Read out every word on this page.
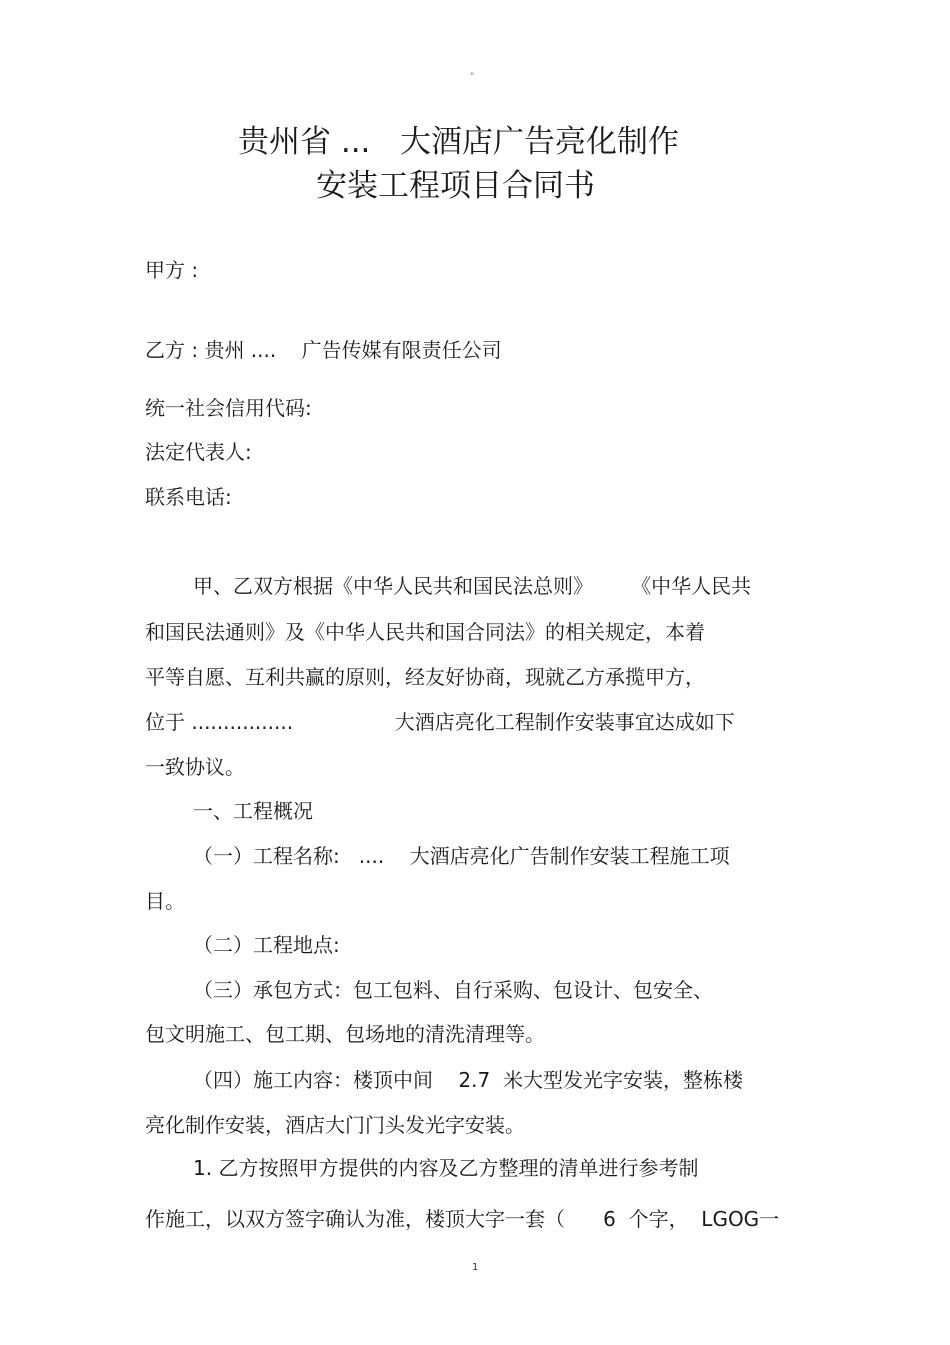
"
贵州省 ...   大酒店广告亮化制作
安装工程项目合同书
甲方 :
乙方 : 贵州 ....    广告传媒有限责任公司
统一社会信用代码:
法定代表人:
联系电话:
甲、乙双方根据《中华人民共和国民法总则》      《中华人民共
和国民法通则》及《中华人民共和国合同法》的相关规定，本着
平等自愿、互利共赢的原则，经友好协商，现就乙方承揽甲方，
位于 ................                大酒店亮化工程制作安装事宜达成如下
一致协议。
一、工程概况
（一）工程名称:   ....    大酒店亮化广告制作安装工程施工项
目。
（二）工程地点:
（三）承包方式：包工包料、自行采购、包设计、包安全、
包文明施工、包工期、包场地的清洗清理等。
（四）施工内容：楼顶中间    2.7  米大型发光字安装，整栋楼
亮化制作安装，酒店大门门头发光字安装。
1. 乙方按照甲方提供的内容及乙方整理的清单进行参考制
作施工，以双方签字确认为准，楼顶大字一套（      6  个字，  LGOG一
1
